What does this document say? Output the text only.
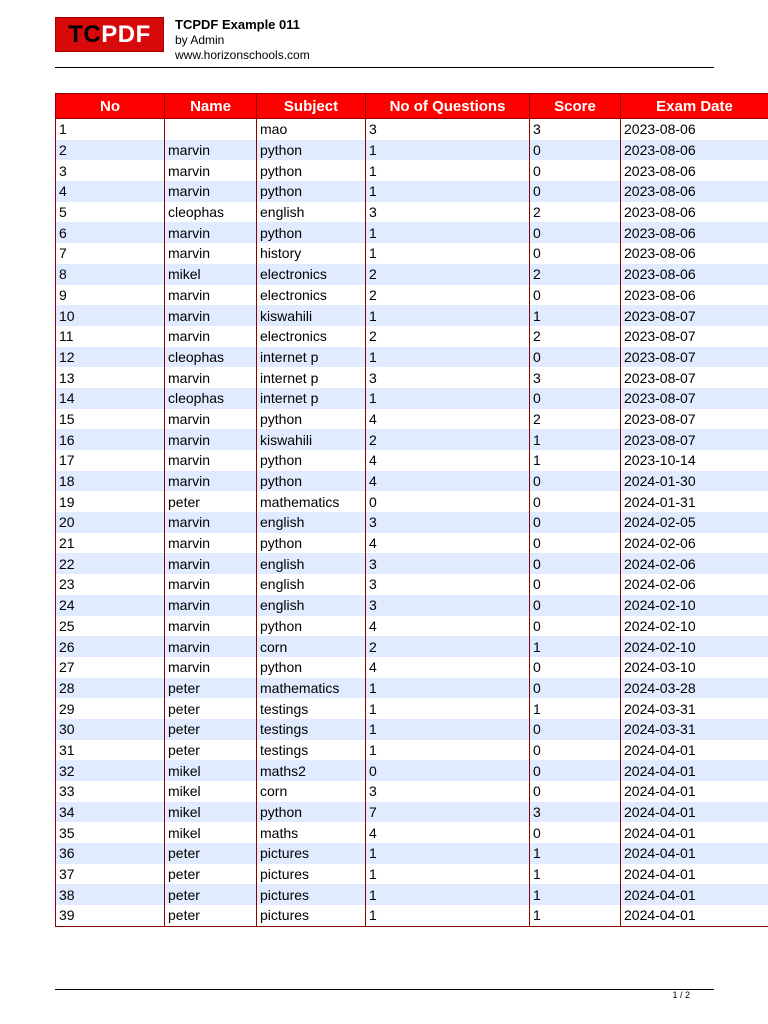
TC PDF TCPDF Example 011
by Admin
www.horizonschools.com
No	Name	Subject	No of Questions	Score	Exam Date
1		mao	3	3	2023-08-06
2	marvin	python	1	0	2023-08-06
3	marvin	python	1	0	2023-08-06
4	marvin	python	1	0	2023-08-06
5	cleophas	english	3	2	2023-08-06
6	marvin	python	1	0	2023-08-06
7	marvin	history	1	0	2023-08-06
8	mikel	electronics	2	2	2023-08-06
9	marvin	electronics	2	0	2023-08-06
10	marvin	kiswahili	1	1	2023-08-07
11	marvin	electronics	2	2	2023-08-07
12	cleophas	internet p	1	0	2023-08-07
13	marvin	internet p	3	3	2023-08-07
14	cleophas	internet p	1	0	2023-08-07
15	marvin	python	4	2	2023-08-07
16	marvin	kiswahili	2	1	2023-08-07
17	marvin	python	4	1	2023-10-14
18	marvin	python	4	0	2024-01-30
19	peter	mathematics	0	0	2024-01-31
20	marvin	english	3	0	2024-02-05
21	marvin	python	4	0	2024-02-06
22	marvin	english	3	0	2024-02-06
23	marvin	english	3	0	2024-02-06
24	marvin	english	3	0	2024-02-10
25	marvin	python	4	0	2024-02-10
26	marvin	corn	2	1	2024-02-10
27	marvin	python	4	0	2024-03-10
28	peter	mathematics	1	0	2024-03-28
29	peter	testings	1	1	2024-03-31
30	peter	testings	1	0	2024-03-31
31	peter	testings	1	0	2024-04-01
32	mikel	maths2	0	0	2024-04-01
33	mikel	corn	3	0	2024-04-01
34	mikel	python	7	3	2024-04-01
35	mikel	maths	4	0	2024-04-01
36	peter	pictures	1	1	2024-04-01
37	peter	pictures	1	1	2024-04-01
38	peter	pictures	1	1	2024-04-01
39	peter	pictures	1	1	2024-04-01
1 / 2
